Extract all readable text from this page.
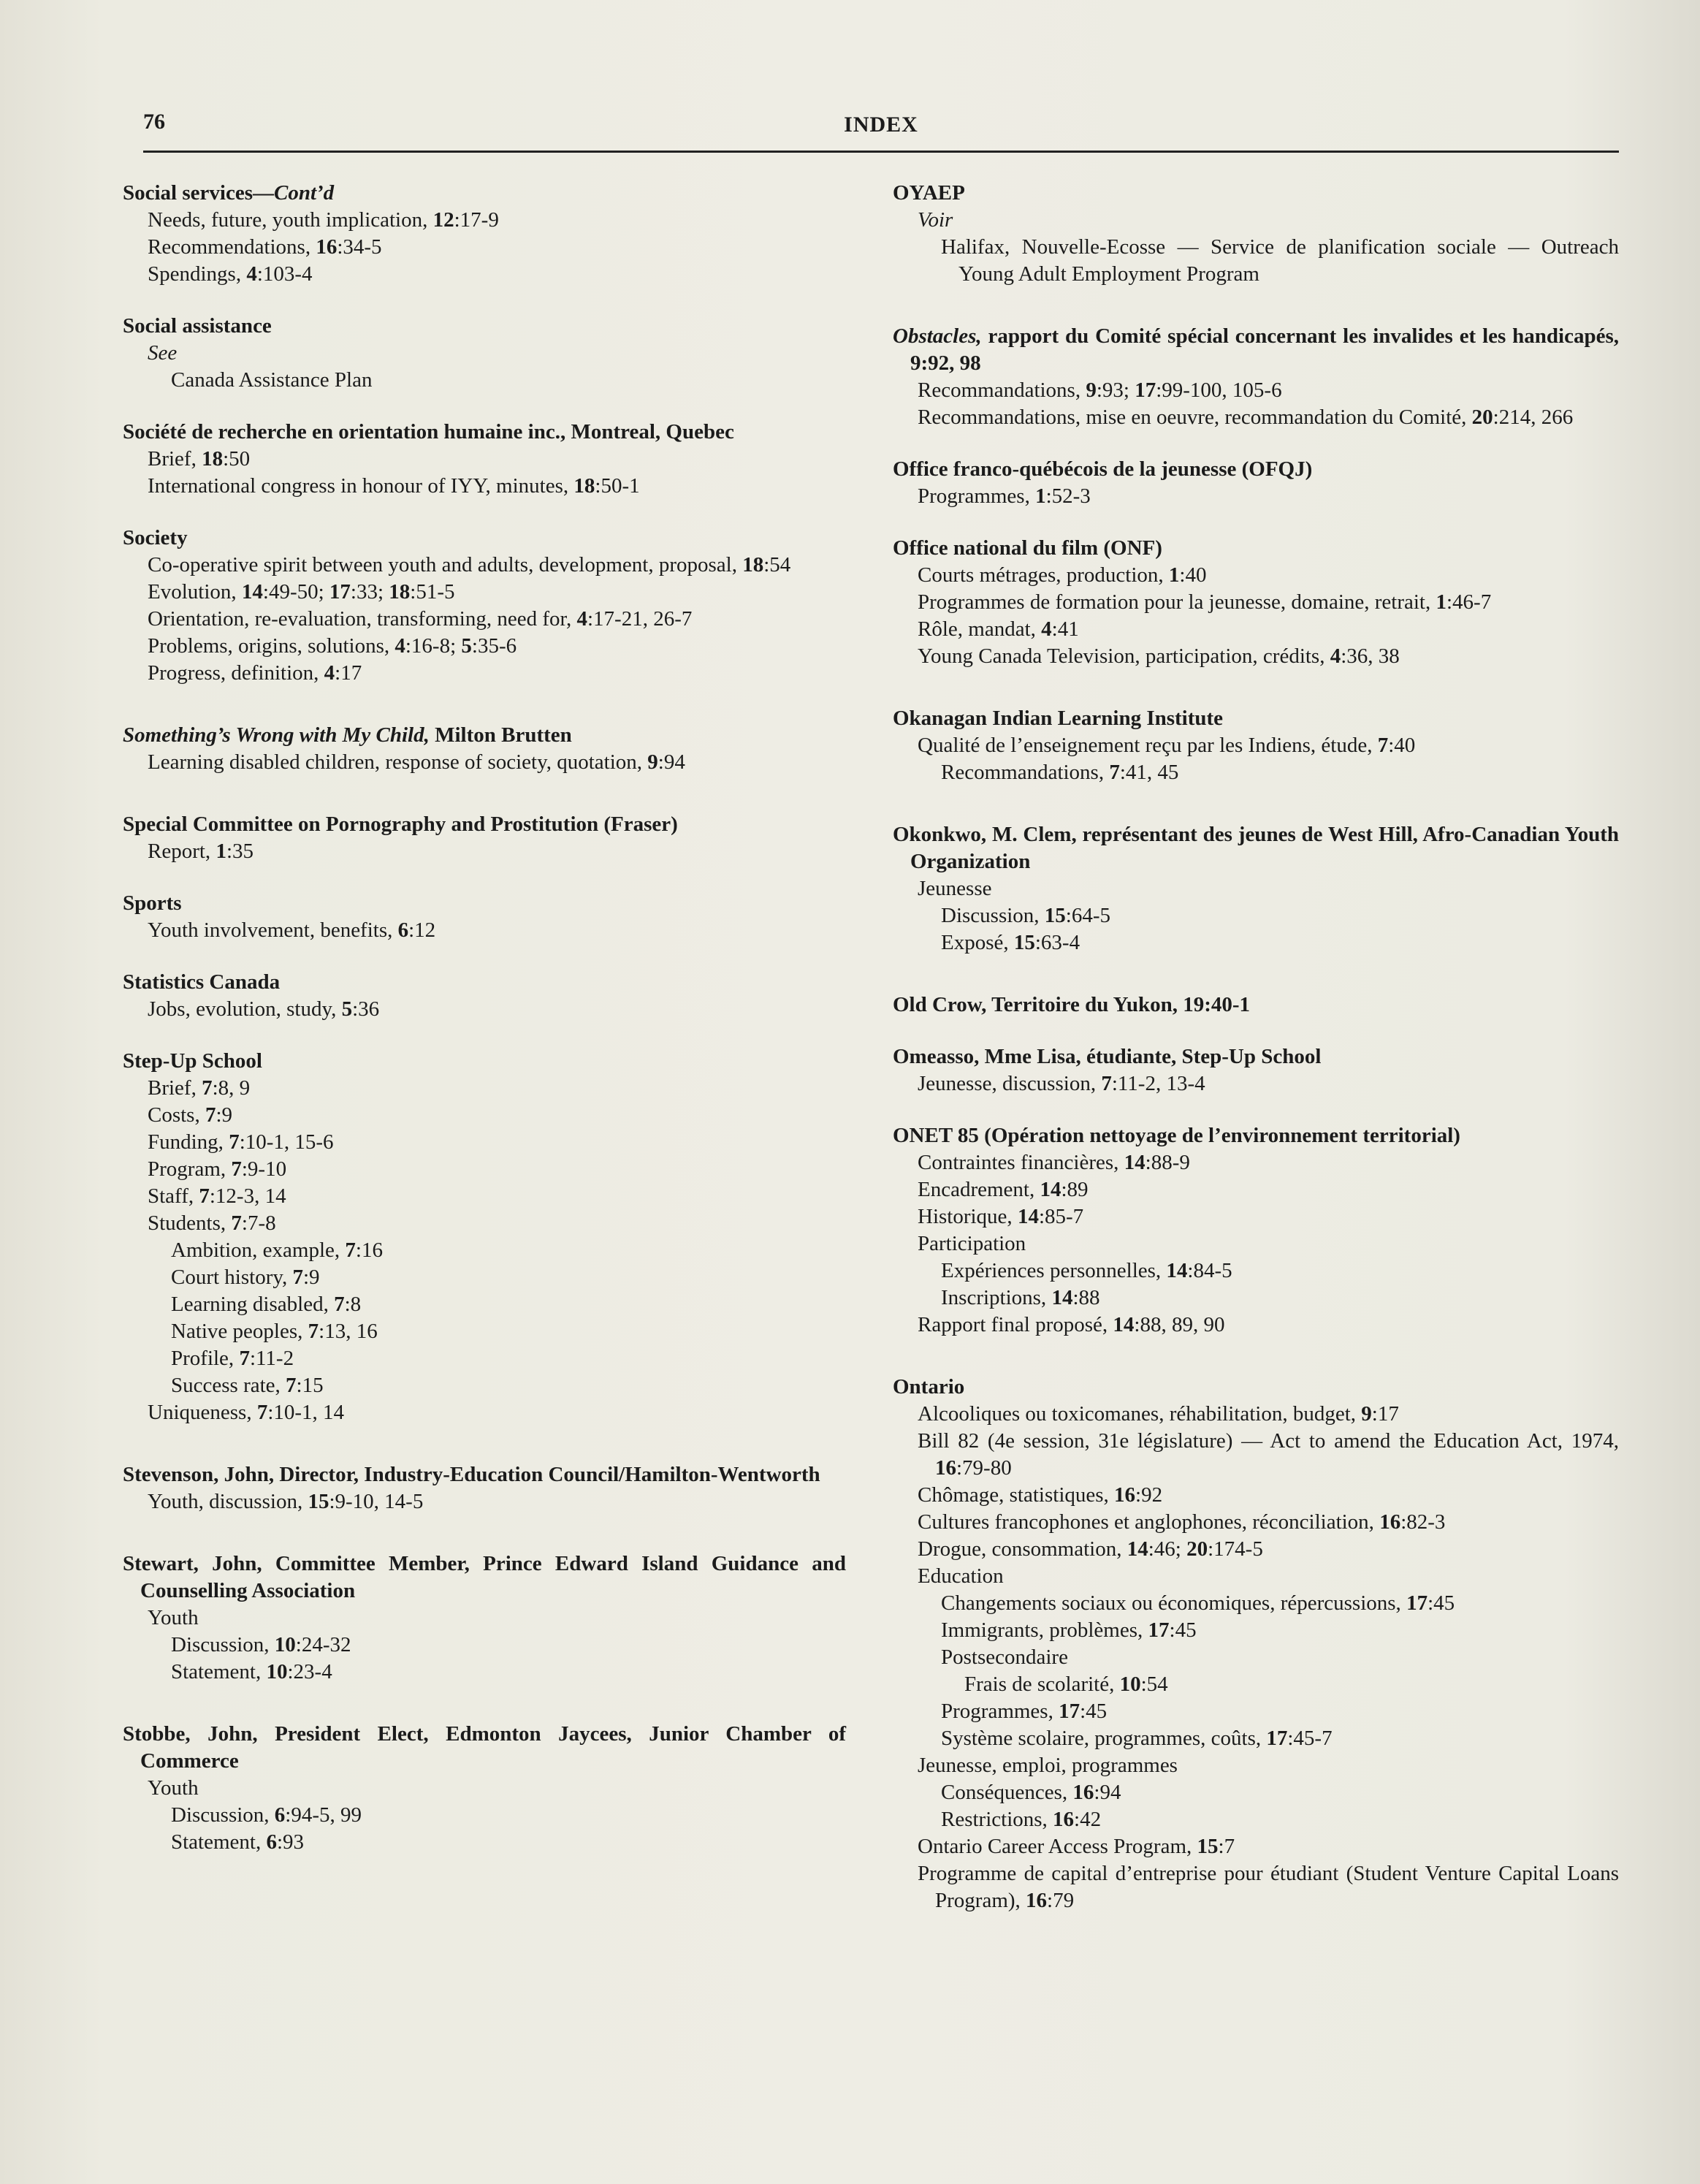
76	INDEX
Social services—Cont’d
Needs, future, youth implication, 12:17-9
Recommendations, 16:34-5
Spendings, 4:103-4
Social assistance
See
Canada Assistance Plan
Société de recherche en orientation humaine inc., Montreal, Quebec
Brief, 18:50
International congress in honour of IYY, minutes, 18:50-1
Society
Co-operative spirit between youth and adults, development, proposal, 18:54
Evolution, 14:49-50; 17:33; 18:51-5
Orientation, re-evaluation, transforming, need for, 4:17-21, 26-7
Problems, origins, solutions, 4:16-8; 5:35-6
Progress, definition, 4:17
Something’s Wrong with My Child, Milton Brutten
Learning disabled children, response of society, quotation, 9:94
Special Committee on Pornography and Prostitution (Fraser)
Report, 1:35
Sports
Youth involvement, benefits, 6:12
Statistics Canada
Jobs, evolution, study, 5:36
Step-Up School
Brief, 7:8, 9
Costs, 7:9
Funding, 7:10-1, 15-6
Program, 7:9-10
Staff, 7:12-3, 14
Students, 7:7-8
Ambition, example, 7:16
Court history, 7:9
Learning disabled, 7:8
Native peoples, 7:13, 16
Profile, 7:11-2
Success rate, 7:15
Uniqueness, 7:10-1, 14
Stevenson, John, Director, Industry-Education Council/Hamilton-Wentworth
Youth, discussion, 15:9-10, 14-5
Stewart, John, Committee Member, Prince Edward Island Guidance and Counselling Association
Youth
Discussion, 10:24-32
Statement, 10:23-4
Stobbe, John, President Elect, Edmonton Jaycees, Junior Chamber of Commerce
Youth
Discussion, 6:94-5, 99
Statement, 6:93
OYAEP
Voir
Halifax, Nouvelle-Ecosse — Service de planification sociale — Outreach Young Adult Employment Program
Obstacles, rapport du Comité spécial concernant les invalides et les handicapés, 9:92, 98
Recommandations, 9:93; 17:99-100, 105-6
Recommandations, mise en oeuvre, recommandation du Comité, 20:214, 266
Office franco-québécois de la jeunesse (OFQJ)
Programmes, 1:52-3
Office national du film (ONF)
Courts métrages, production, 1:40
Programmes de formation pour la jeunesse, domaine, retrait, 1:46-7
Rôle, mandat, 4:41
Young Canada Television, participation, crédits, 4:36, 38
Okanagan Indian Learning Institute
Qualité de l’enseignement reçu par les Indiens, étude, 7:40
Recommandations, 7:41, 45
Okonkwo, M. Clem, représentant des jeunes de West Hill, Afro-Canadian Youth Organization
Jeunesse
Discussion, 15:64-5
Exposé, 15:63-4
Old Crow, Territoire du Yukon, 19:40-1
Omeasso, Mme Lisa, étudiante, Step-Up School
Jeunesse, discussion, 7:11-2, 13-4
ONET 85 (Opération nettoyage de l’environnement territorial)
Contraintes financières, 14:88-9
Encadrement, 14:89
Historique, 14:85-7
Participation
Expériences personnelles, 14:84-5
Inscriptions, 14:88
Rapport final proposé, 14:88, 89, 90
Ontario
Alcooliques ou toxicomanes, réhabilitation, budget, 9:17
Bill 82 (4e session, 31e législature) — Act to amend the Education Act, 1974, 16:79-80
Chômage, statistiques, 16:92
Cultures francophones et anglophones, réconciliation, 16:82-3
Drogue, consommation, 14:46; 20:174-5
Education
Changements sociaux ou économiques, répercussions, 17:45
Immigrants, problèmes, 17:45
Postsecondaire
Frais de scolarité, 10:54
Programmes, 17:45
Système scolaire, programmes, coûts, 17:45-7
Jeunesse, emploi, programmes
Conséquences, 16:94
Restrictions, 16:42
Ontario Career Access Program, 15:7
Programme de capital d’entreprise pour étudiant (Student Venture Capital Loans Program), 16:79
